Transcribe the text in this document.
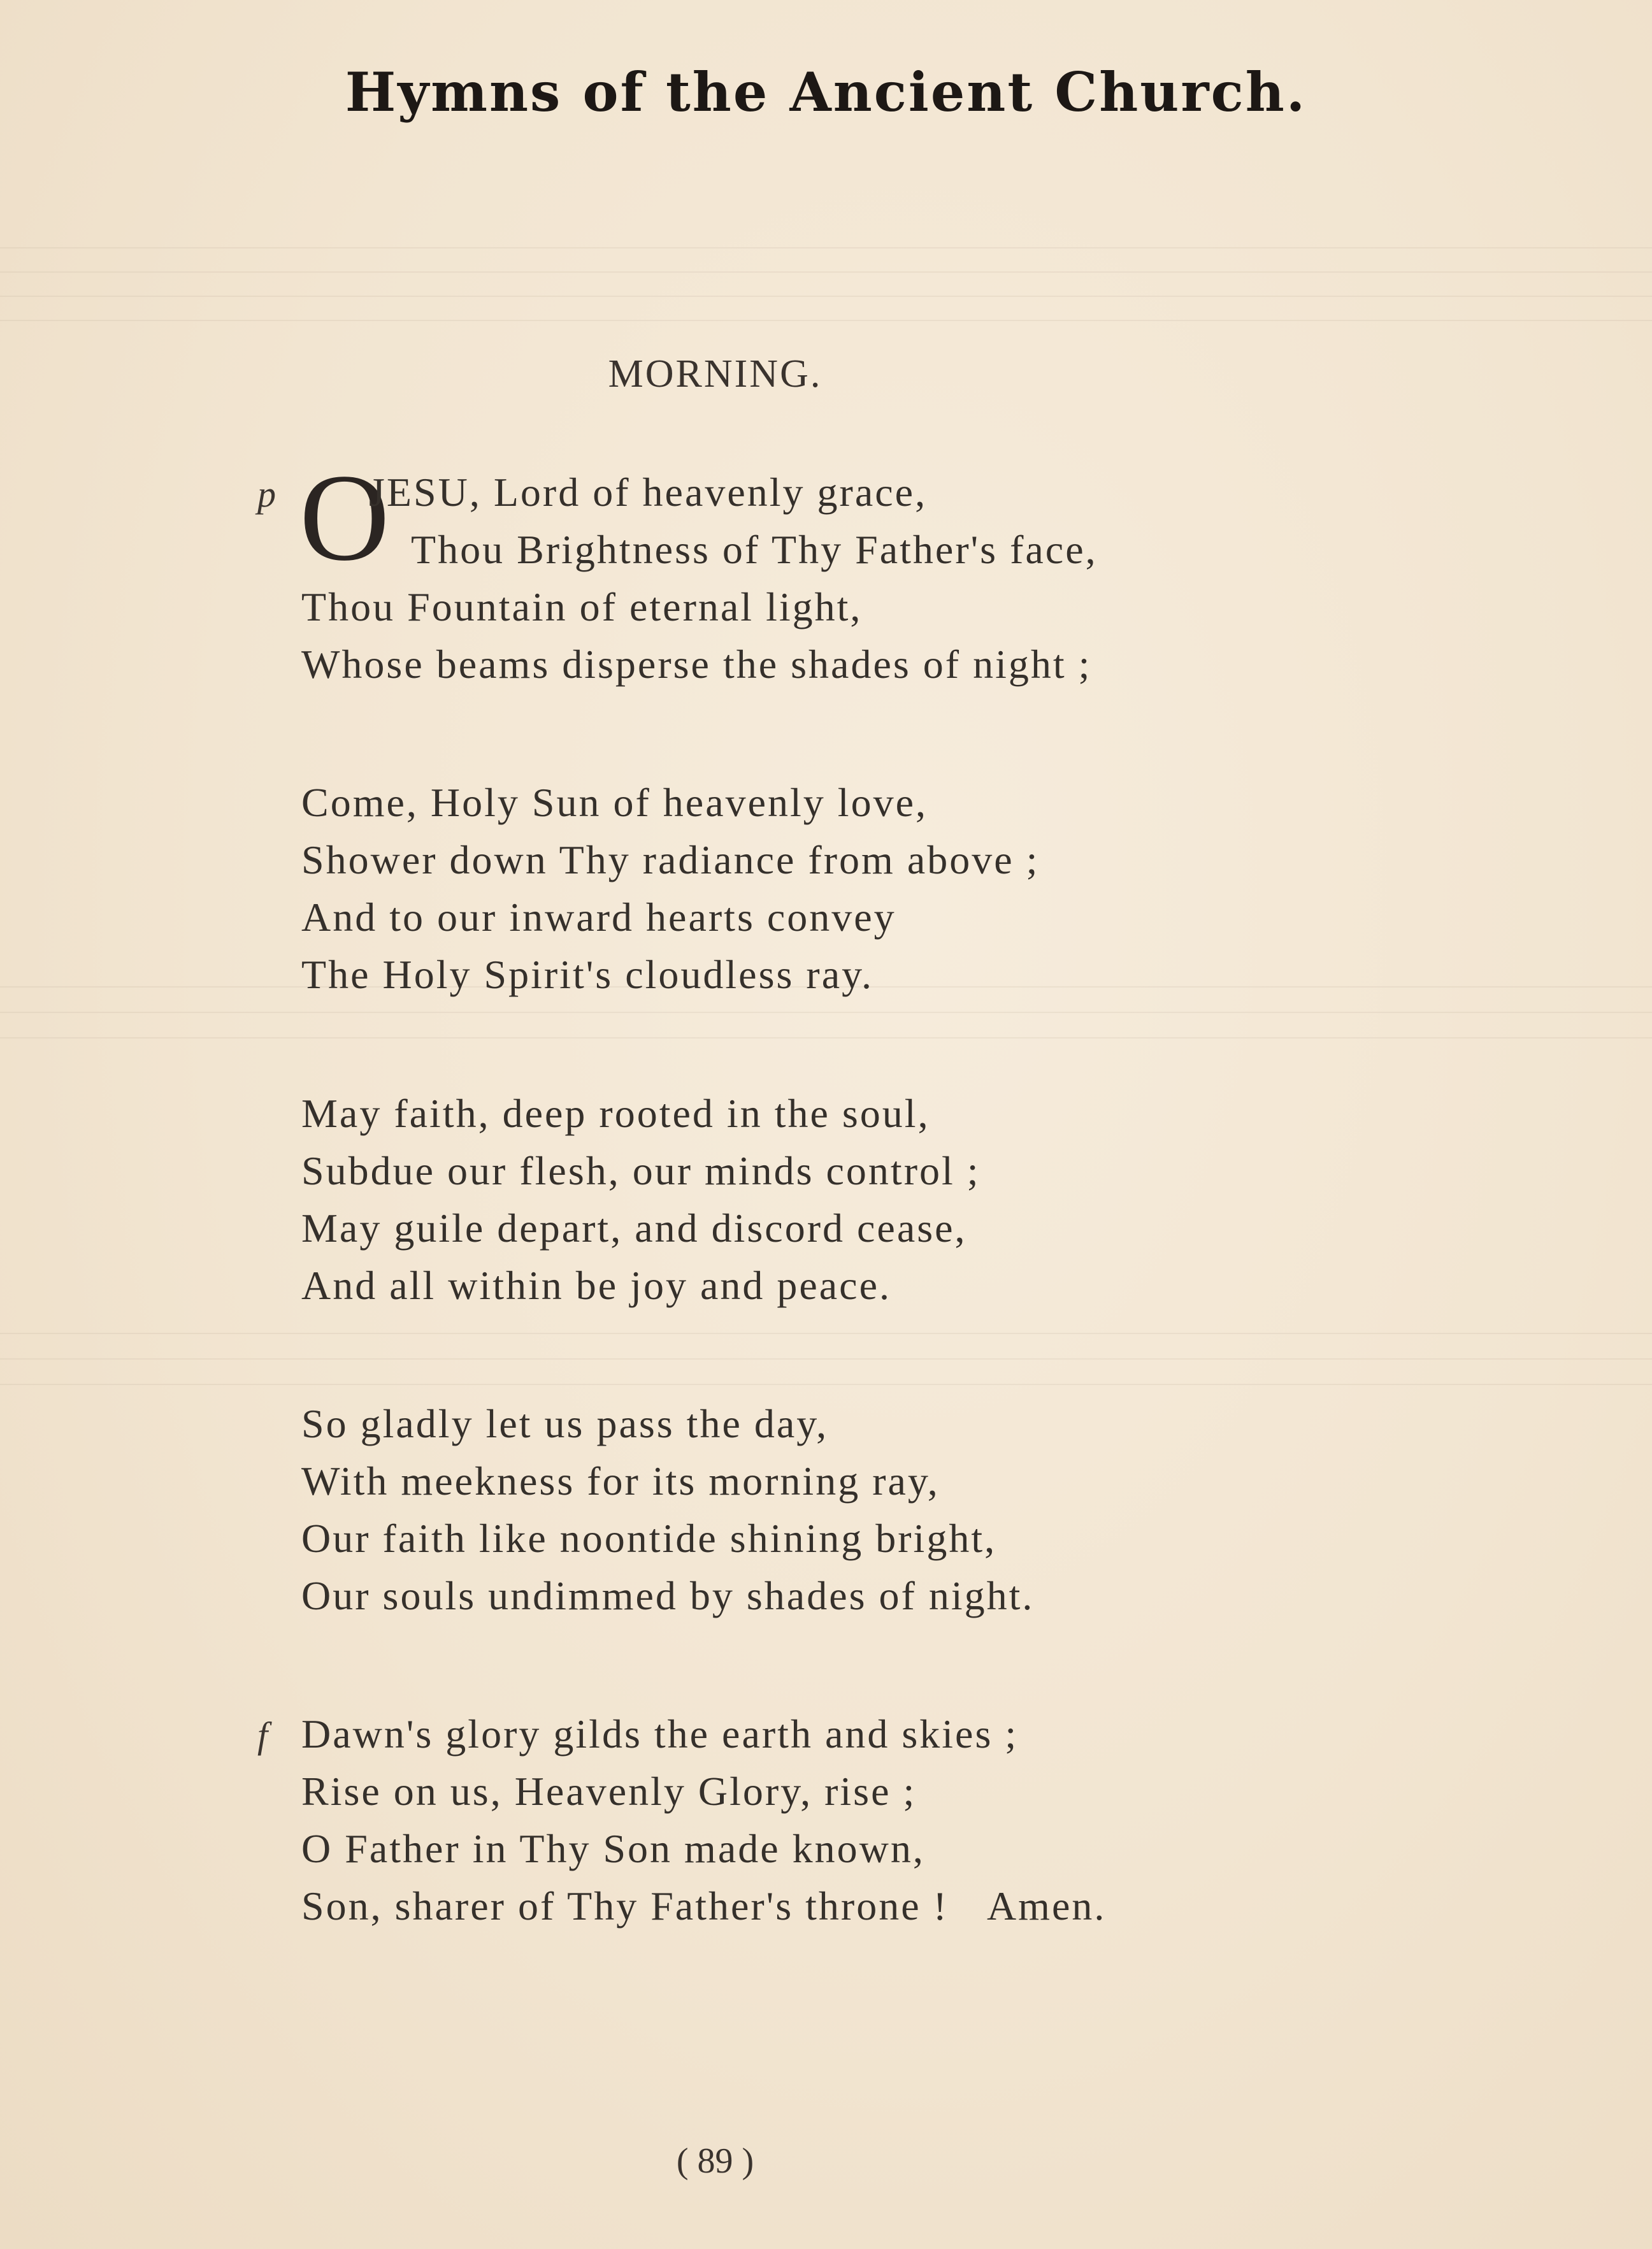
Hymns of the Ancient Church.
MORNING.
p O
JESU, Lord of heavenly grace,
Thou Brightness of Thy Father's face,
Thou Fountain of eternal light,
Whose beams disperse the shades of night ;
Come, Holy Sun of heavenly love,
Shower down Thy radiance from above ;
And to our inward hearts convey
The Holy Spirit's cloudless ray.
May faith, deep rooted in the soul,
Subdue our flesh, our minds control ;
May guile depart, and discord cease,
And all within be joy and peace.
So gladly let us pass the day,
With meekness for its morning ray,
Our faith like noontide shining bright,
Our souls undimmed by shades of night.
f Dawn's glory gilds the earth and skies ;
Rise on us, Heavenly Glory, rise ;
O Father in Thy Son made known,
Son, sharer of Thy Father's throne ! Amen.
( 89 )
